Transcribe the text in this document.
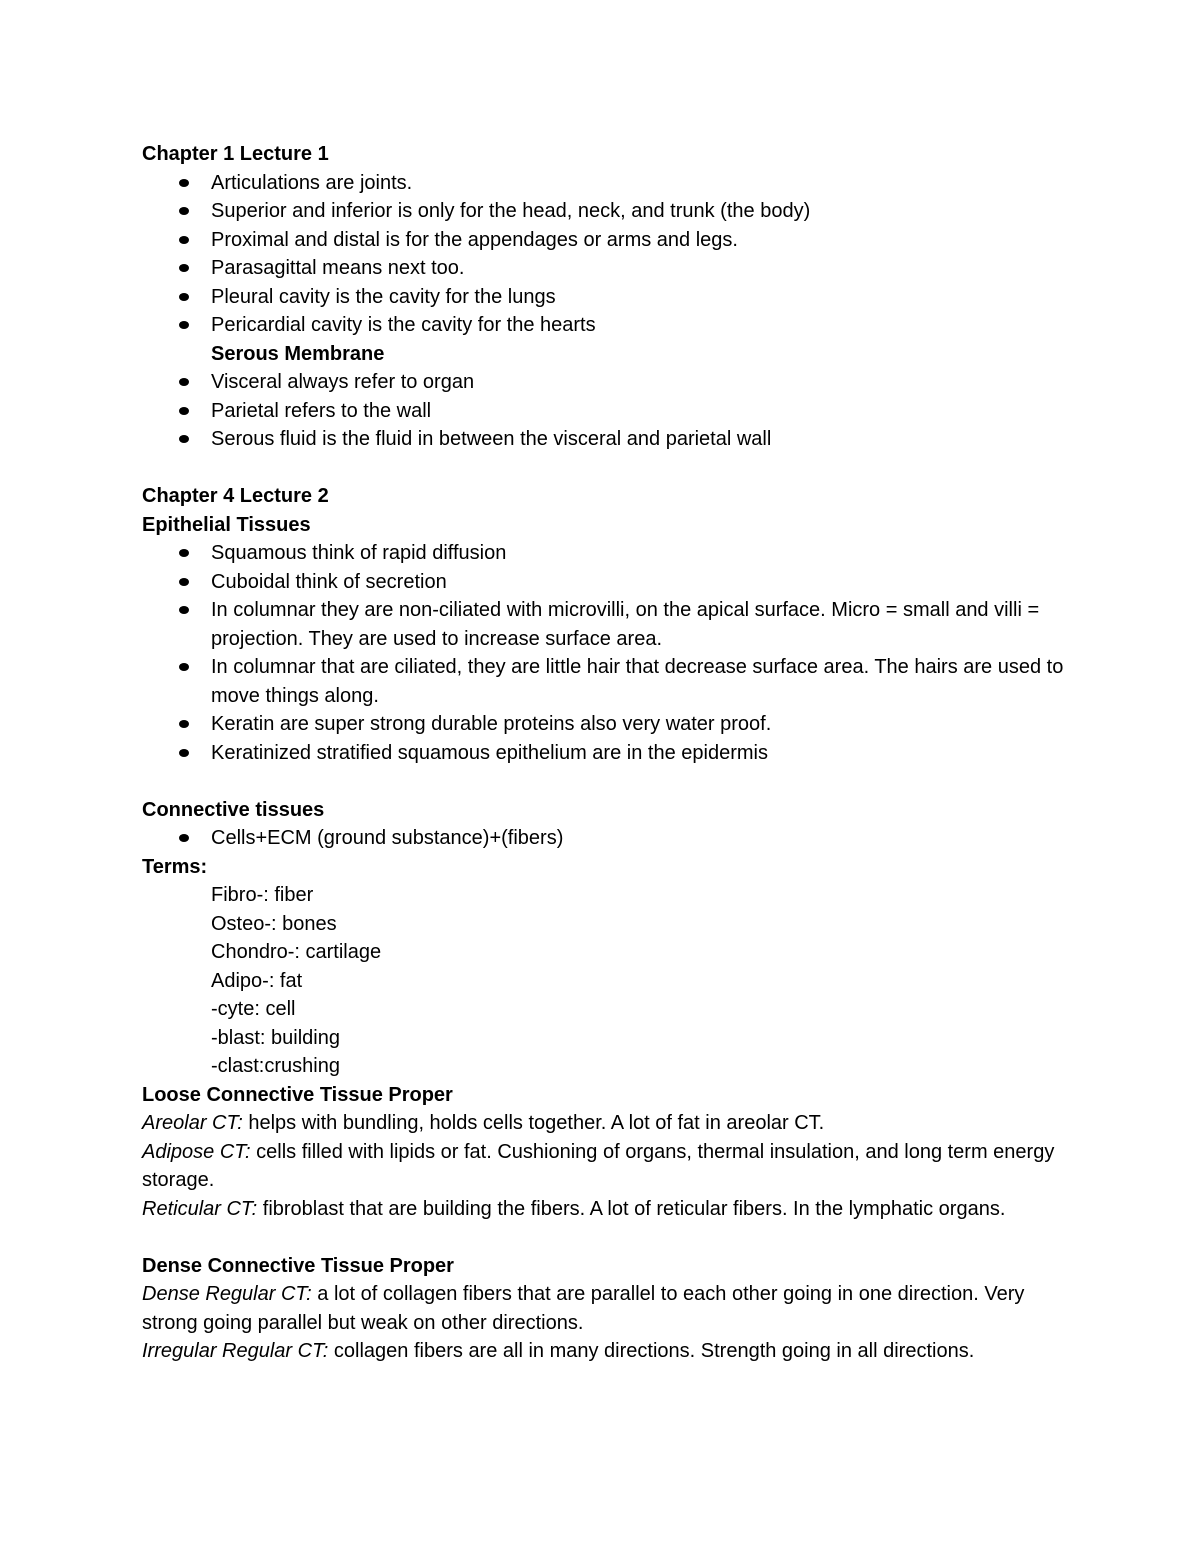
Chapter 1 Lecture 1
Articulations are joints.
Superior and inferior is only for the head, neck, and trunk (the body)
Proximal and distal is for the appendages or arms and legs.
Parasagittal means next too.
Pleural cavity is the cavity for the lungs
Pericardial cavity is the cavity for the hearts
Serous Membrane
Visceral always refer to organ
Parietal refers to the wall
Serous fluid is the fluid in between the visceral and parietal wall
Chapter 4 Lecture 2
Epithelial Tissues
Squamous think of rapid diffusion
Cuboidal think of secretion
In columnar they are non-ciliated with microvilli, on the apical surface. Micro = small and villi = projection. They are used to increase surface area.
In columnar that are ciliated, they are little hair that decrease surface area. The hairs are used to move things along.
Keratin are super strong durable proteins also very water proof.
Keratinized stratified squamous epithelium are in the epidermis
Connective tissues
Cells+ECM (ground substance)+(fibers)
Terms:
Fibro-: fiber
Osteo-: bones
Chondro-: cartilage
Adipo-: fat
-cyte: cell
-blast: building
-clast:crushing
Loose Connective Tissue Proper
Areolar CT: helps with bundling, holds cells together. A lot of fat in areolar CT.
Adipose CT: cells filled with lipids or fat. Cushioning of organs, thermal insulation, and long term energy storage.
Reticular CT: fibroblast that are building the fibers. A lot of reticular fibers. In the lymphatic organs.
Dense Connective Tissue Proper
Dense Regular CT: a lot of collagen fibers that are parallel to each other going in one direction. Very strong going parallel but weak on other directions.
Irregular Regular CT: collagen fibers are all in many directions. Strength going in all directions.
